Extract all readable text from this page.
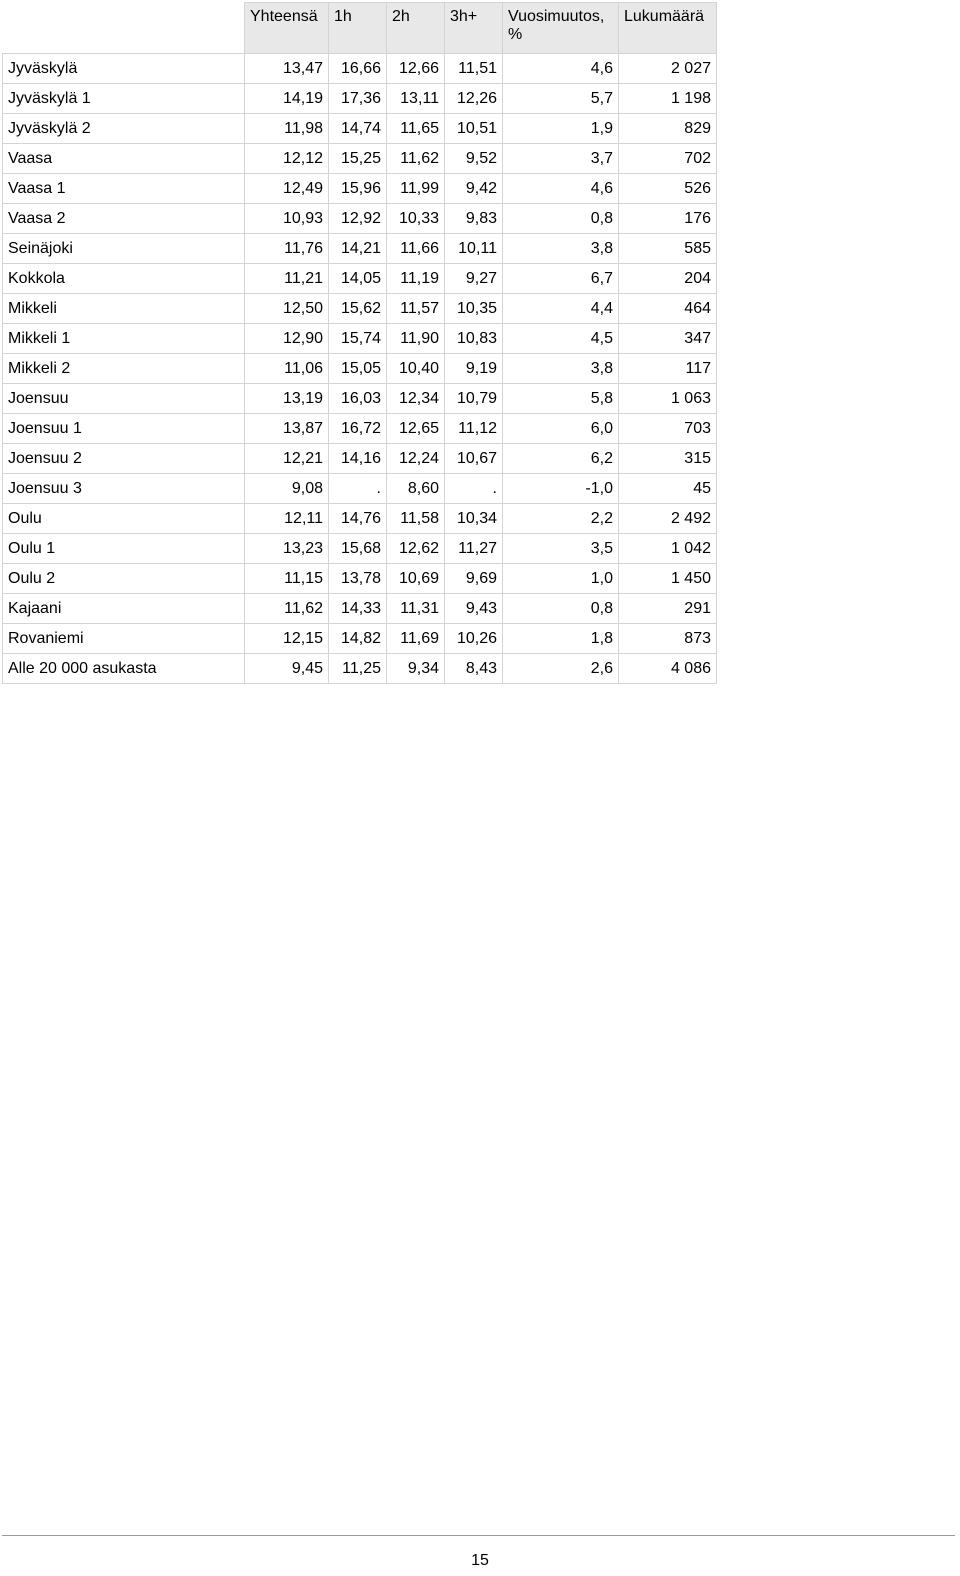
	Yhteensä	1h	2h	3h+	Vuosimuutos, %	Lukumäärä
Jyväskylä	13,47	16,66	12,66	11,51	4,6	2 027
Jyväskylä 1	14,19	17,36	13,11	12,26	5,7	1 198
Jyväskylä 2	11,98	14,74	11,65	10,51	1,9	829
Vaasa	12,12	15,25	11,62	9,52	3,7	702
Vaasa 1	12,49	15,96	11,99	9,42	4,6	526
Vaasa 2	10,93	12,92	10,33	9,83	0,8	176
Seinäjoki	11,76	14,21	11,66	10,11	3,8	585
Kokkola	11,21	14,05	11,19	9,27	6,7	204
Mikkeli	12,50	15,62	11,57	10,35	4,4	464
Mikkeli 1	12,90	15,74	11,90	10,83	4,5	347
Mikkeli 2	11,06	15,05	10,40	9,19	3,8	117
Joensuu	13,19	16,03	12,34	10,79	5,8	1 063
Joensuu 1	13,87	16,72	12,65	11,12	6,0	703
Joensuu 2	12,21	14,16	12,24	10,67	6,2	315
Joensuu 3	9,08	.	8,60	.	-1,0	45
Oulu	12,11	14,76	11,58	10,34	2,2	2 492
Oulu 1	13,23	15,68	12,62	11,27	3,5	1 042
Oulu 2	11,15	13,78	10,69	9,69	1,0	1 450
Kajaani	11,62	14,33	11,31	9,43	0,8	291
Rovaniemi	12,15	14,82	11,69	10,26	1,8	873
Alle 20 000 asukasta	9,45	11,25	9,34	8,43	2,6	4 086
15
